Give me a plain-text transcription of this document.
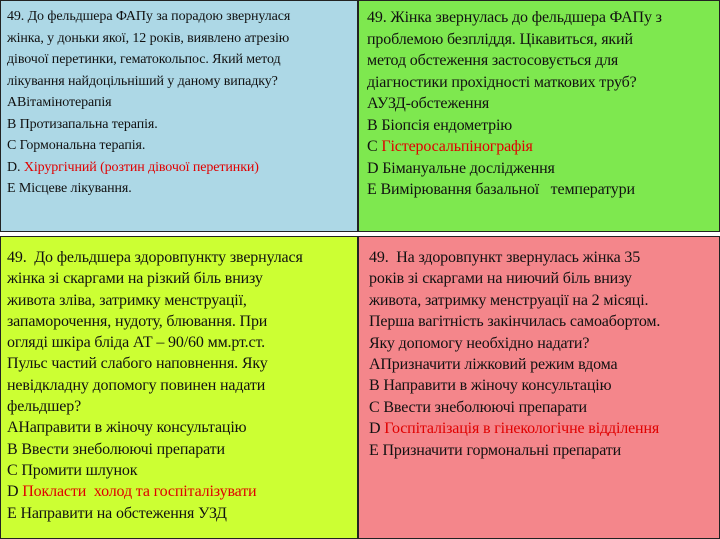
49. До фельдшера ФАПу за порадою звернулася
жінка, у доньки якої, 12 років, виявлено атрезію
дівочої перетинки, гематокольпос. Який метод
лікування найдоцільніший у даному випадку?
АВітамінотерапія
В Протизапальна терапія.
С Гормональна терапія.
D. Хірургічний (розтин дівочої перетинки)
Е Місцеве лікування.
49. Жінка звернулась до фельдшера ФАПу з
проблемою безпліддя. Цікавиться, який
метод обстеження застосовується для
діагностики прохідності маткових труб?
АУЗД-обстеження
В Біопсія ендометрію
С Гістеросальпінографія
D Бімануальне дослідження
Е Вимірювання базальної   температури
49.  До фельдшера здоровпункту звернулася
жінка зі скаргами на різкий біль внизу
живота зліва, затримку менструації,
запаморочення, нудоту, блювання. При
огляді шкіра бліда АТ – 90/60 мм.рт.ст.
Пульс частий слабого наповнення. Яку
невідкладну допомогу повинен надати
фельдшер?
АНаправити в жіночу консультацію
В Ввести знеболюючі препарати
С Промити шлунок
D Покласти  холод та госпіталізувати
Е Направити на обстеження УЗД
49.  На здоровпункт звернулась жінка 35
років зі скаргами на ниючий біль внизу
живота, затримку менструації на 2 місяці.
Перша вагітність закінчилась самоабортом.
Яку допомогу необхідно надати?
АПризначити ліжковий режим вдома
В Направити в жіночу консультацію
С Ввести знеболюючі препарати
D Госпіталізація в гінекологічне відділення
Е Призначити гормональні препарати
